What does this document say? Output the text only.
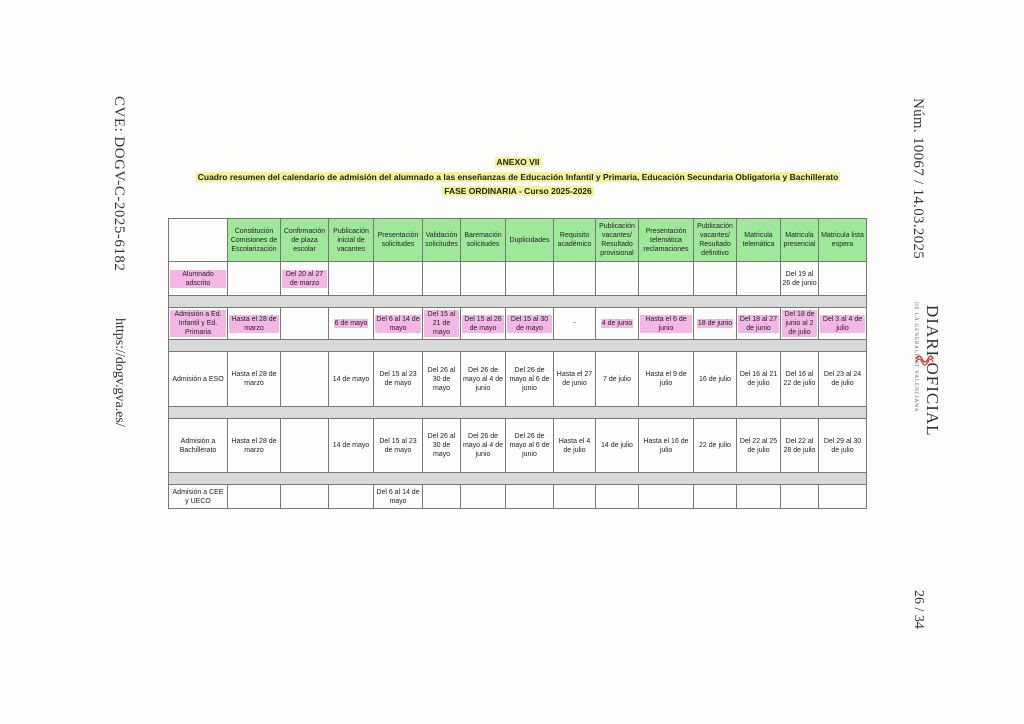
CVE: DOGV-C-2025-6182
https://dogv.gva.es/
Núm. 10067 / 14.03.2025
DIARI OFICIAL
DE LA GENERALITAT VALENCIANA
26 / 34
ANEXO VII
Cuadro resumen del calendario de admisión del alumnado a las enseñanzas de Educación Infantil y Primaria, Educación Secundaria Obligatoria y Bachillerato
FASE ORDINARIA - Curso 2025-2026
	Constitución Comisiones de Escolarización	Confirmación de plaza escolar	Publicación inicial de vacantes	Presentación solicitudes	Validación solicitudes	Baremación solicitudes	Duplicidades	Requisito académico	Publicación vacantes/ Resultado provisional	Presentación telemática reclamaciones	Publicación vacantes/ Resultado definitivo	Matricula telemática	Matricula presencial	Matricula lista espera
Alumnado adscrito		Del 20 al 27 de marzo											Del 19 al 26 de junio	

Admisión a Ed. Infantil y Ed. Primaria	Hasta el 28 de marzo		6 de mayo	Del 6 al 14 de mayo	Del 15 al 21 de mayo	Del 15 al 26 de mayo	Del 15 al 30 de mayo	-	4 de junio	Hasta el 6 de junio	18 de junio	Del 18 al 27 de junio	Del 18 de junio al 2 de julio	Del 3 al 4 de julio

Admisión a ESO	Hasta el 28 de marzo		14 de mayo	Del 15 al 23 de mayo	Del 26 al 30 de mayo	Del 26 de mayo al 4 de junio	Del 26 de mayo al 6 de junio	Hasta el 27 de junio	7 de julio	Hasta el 9 de julio	16 de julio	Del 16 al 21 de julio	Del 16 al 22 de julio	Del 23 al 24 de julio

Admisión a Bachillerato	Hasta el 28 de marzo		14 de mayo	Del 15 al 23 de mayo	Del 26 al 30 de mayo	Del 26 de mayo al 4 de junio	Del 26 de mayo al 6 de junio	Hasta el 4 de julio	14 de julio	Hasta el 16 de julio	22 de julio	Del 22 al 25 de julio	Del 22 al 28 de julio	Del 29 al 30 de julio

Admisión a CEE y UECO				Del 6 al 14 de mayo										
